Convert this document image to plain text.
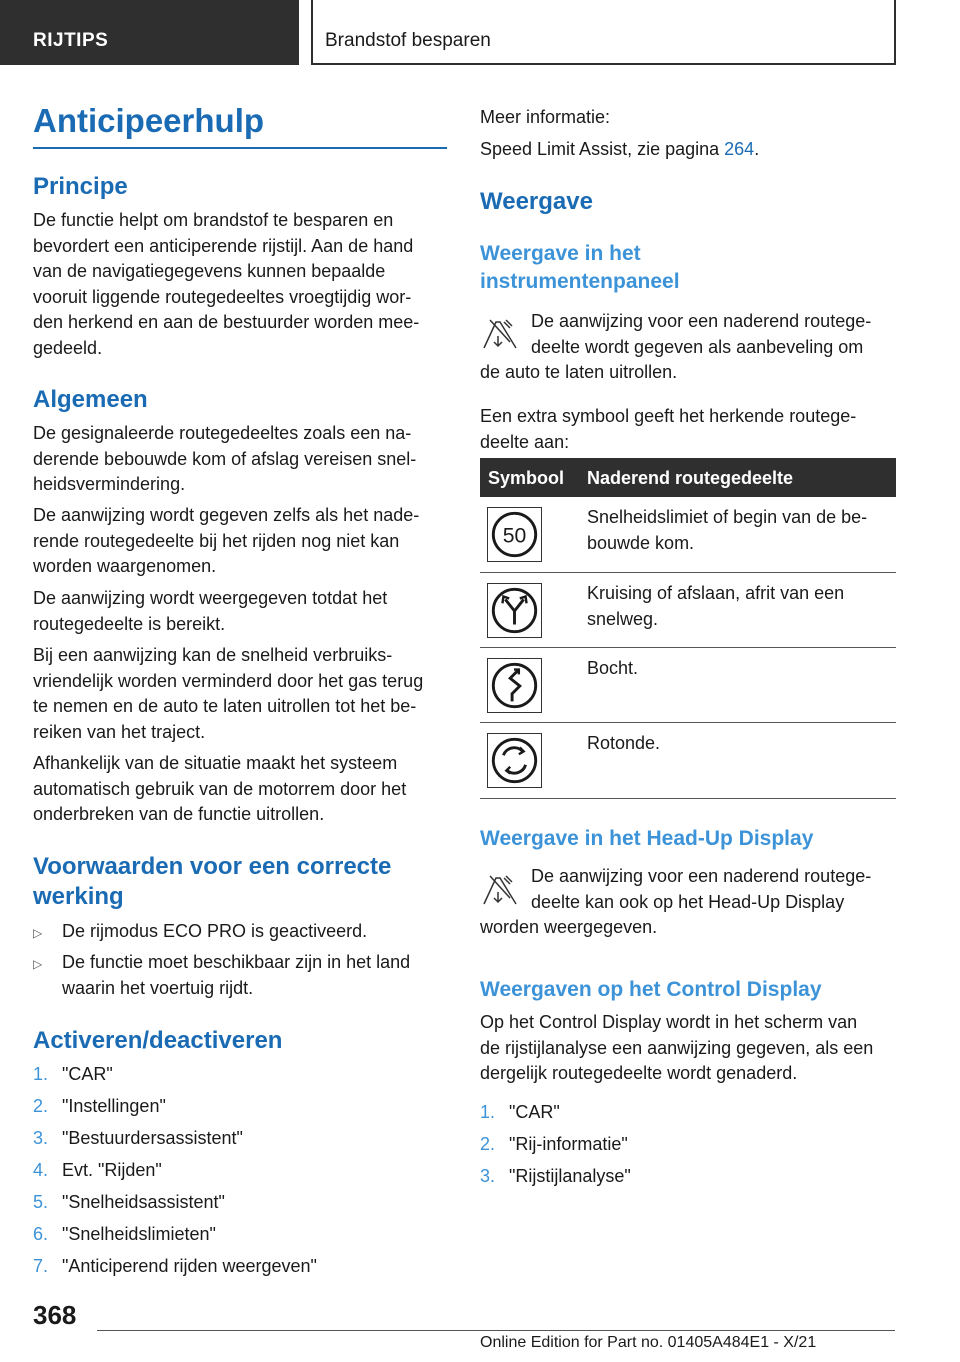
RIJTIPS	Brandstof besparen
Anticipeerhulp
Principe
De functie helpt om brandstof te besparen en
bevordert een anticiperende rijstijl. Aan de hand
van de navigatiegegevens kunnen bepaalde
vooruit liggende routegedeeltes vroegtijdig wor-
den herkend en aan de bestuurder worden mee-
gedeeld.
Algemeen
De gesignaleerde routegedeeltes zoals een na-
derende bebouwde kom of afslag vereisen snel-
heidsvermindering.
De aanwijzing wordt gegeven zelfs als het nade-
rende routegedeelte bij het rijden nog niet kan
worden waargenomen.
De aanwijzing wordt weergegeven totdat het
routegedeelte is bereikt.
Bij een aanwijzing kan de snelheid verbruiks-
vriendelijk worden verminderd door het gas terug
te nemen en de auto te laten uitrollen tot het be-
reiken van het traject.
Afhankelijk van de situatie maakt het systeem
automatisch gebruik van de motorrem door het
onderbreken van de functie uitrollen.
Voorwaarden voor een correcte
werking
▷ De rijmodus ECO PRO is geactiveerd.
▷ De functie moet beschikbaar zijn in het land
waarin het voertuig rijdt.
Activeren/deactiveren
1. "CAR"
2. "Instellingen"
3. "Bestuurdersassistent"
4. Evt. "Rijden"
5. "Snelheidsassistent"
6. "Snelheidslimieten"
7. "Anticiperend rijden weergeven"
Meer informatie:
Speed Limit Assist, zie pagina 264.
Weergave
Weergave in het
instrumentenpaneel
De aanwijzing voor een naderend routege-
deelte wordt gegeven als aanbeveling om
de auto te laten uitrollen.
Een extra symbool geeft het herkende routege-
deelte aan:
Symbool Naderend routegedeelte
50
Snelheidslimiet of begin van de be-
bouwde kom.
Kruising of afslaan, afrit van een
snelweg.
Bocht.
Rotonde.
Weergave in het Head-Up Display
De aanwijzing voor een naderend routege-
deelte kan ook op het Head-Up Display
worden weergegeven.
Weergaven op het Control Display
Op het Control Display wordt in het scherm van
de rijstijlanalyse een aanwijzing gegeven, als een
dergelijk routegedeelte wordt genaderd.
1. "CAR"
2. "Rij-informatie"
3. "Rijstijlanalyse"
368
Online Edition for Part no. 01405A484E1 - X/21
